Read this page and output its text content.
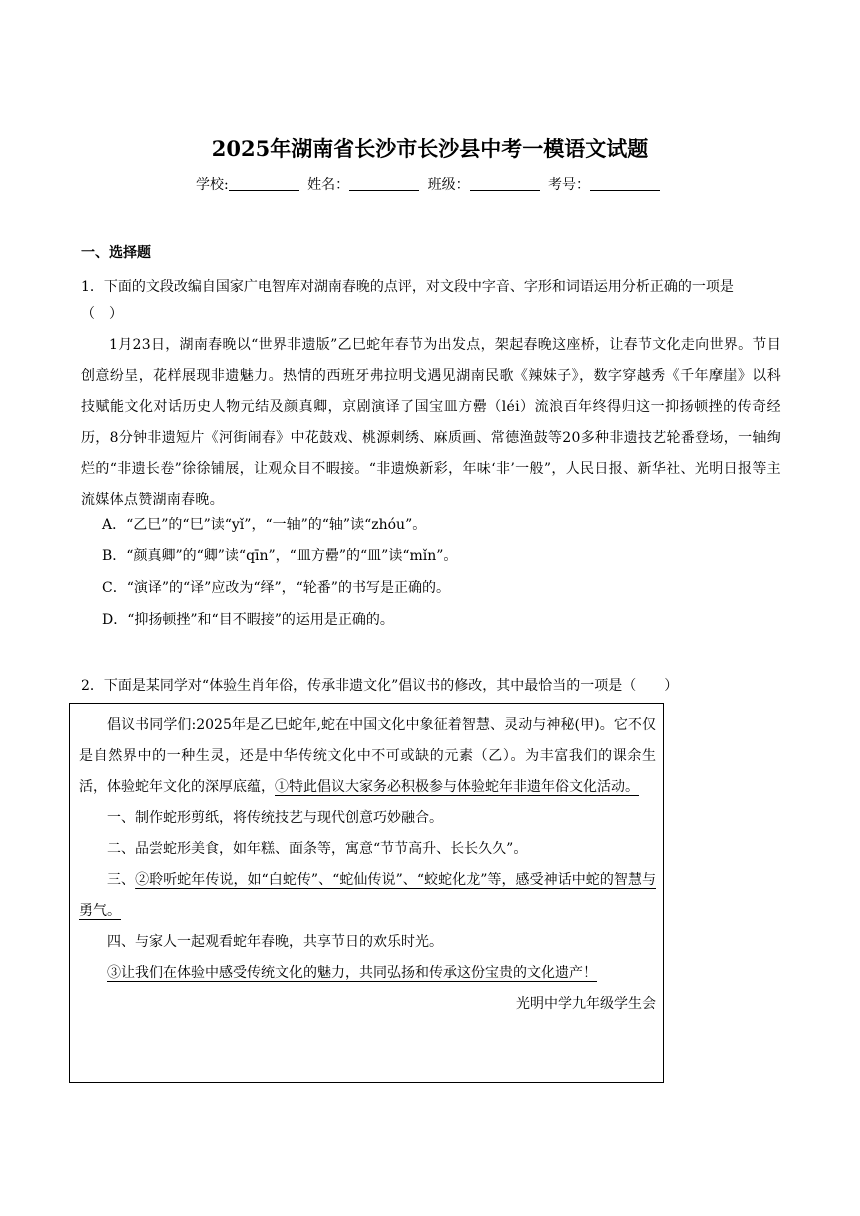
2025年湖南省长沙市长沙县中考一模语文试题
学校:	姓名：	班级：	考号：
一、选择题
1．下面的文段改编自国家广电智库对湖南春晚的点评，对文段中字音、字形和词语运用分析正确的一项是
（　）
1月23日，湖南春晚以“世界非遗版”乙巳蛇年春节为出发点，架起春晚这座桥，让春节文化走向世界。节目创意纷呈，花样展现非遗魅力。热情的西班牙弗拉明戈遇见湖南民歌《辣妹子》，数字穿越秀《千年摩崖》以科技赋能文化对话历史人物元结及颜真卿，京剧演译了国宝皿方罍（léi）流浪百年终得归这一抑扬顿挫的传奇经历，8分钟非遗短片《河街闹春》中花鼓戏、桃源刺绣、麻质画、常德渔鼓等20多种非遗技艺轮番登场，一轴绚烂的“非遗长卷”徐徐铺展，让观众目不暇接。“非遗焕新彩，年味‘非’一般”，人民日报、新华社、光明日报等主流媒体点赞湖南春晚。
A．“乙巳”的“巳”读“yǐ”，“一轴”的“轴”读“zhóu”。
B．“颜真卿”的“卿”读“qīn”，“皿方罍”的“皿”读“mǐn”。
C．“演译”的“译”应改为“绎”，“轮番”的书写是正确的。
D．“抑扬顿挫”和“目不暇接”的运用是正确的。
2．下面是某同学对“体验生肖年俗，传承非遗文化”倡议书的修改，其中最恰当的一项是（　　）

倡议书同学们:2025年是乙巳蛇年,蛇在中国文化中象征着智慧、灵动与神秘(甲)。它不仅是自然界中的一种生灵，还是中华传统文化中不可或缺的元素（乙）。为丰富我们的课余生活，体验蛇年文化的深厚底蕴，①特此倡议大家务必积极参与体验蛇年非遗年俗文化活动。

一、制作蛇形剪纸，将传统技艺与现代创意巧妙融合。

二、品尝蛇形美食，如年糕、面条等，寓意“节节高升、长长久久”。

三、②聆听蛇年传说，如“白蛇传”、“蛇仙传说”、“蛟蛇化龙”等，感受神话中蛇的智慧与勇气。

四、与家人一起观看蛇年春晚，共享节日的欢乐时光。

③让我们在体验中感受传统文化的魅力，共同弘扬和传承这份宝贵的文化遗产！

光明中学九年级学生会
